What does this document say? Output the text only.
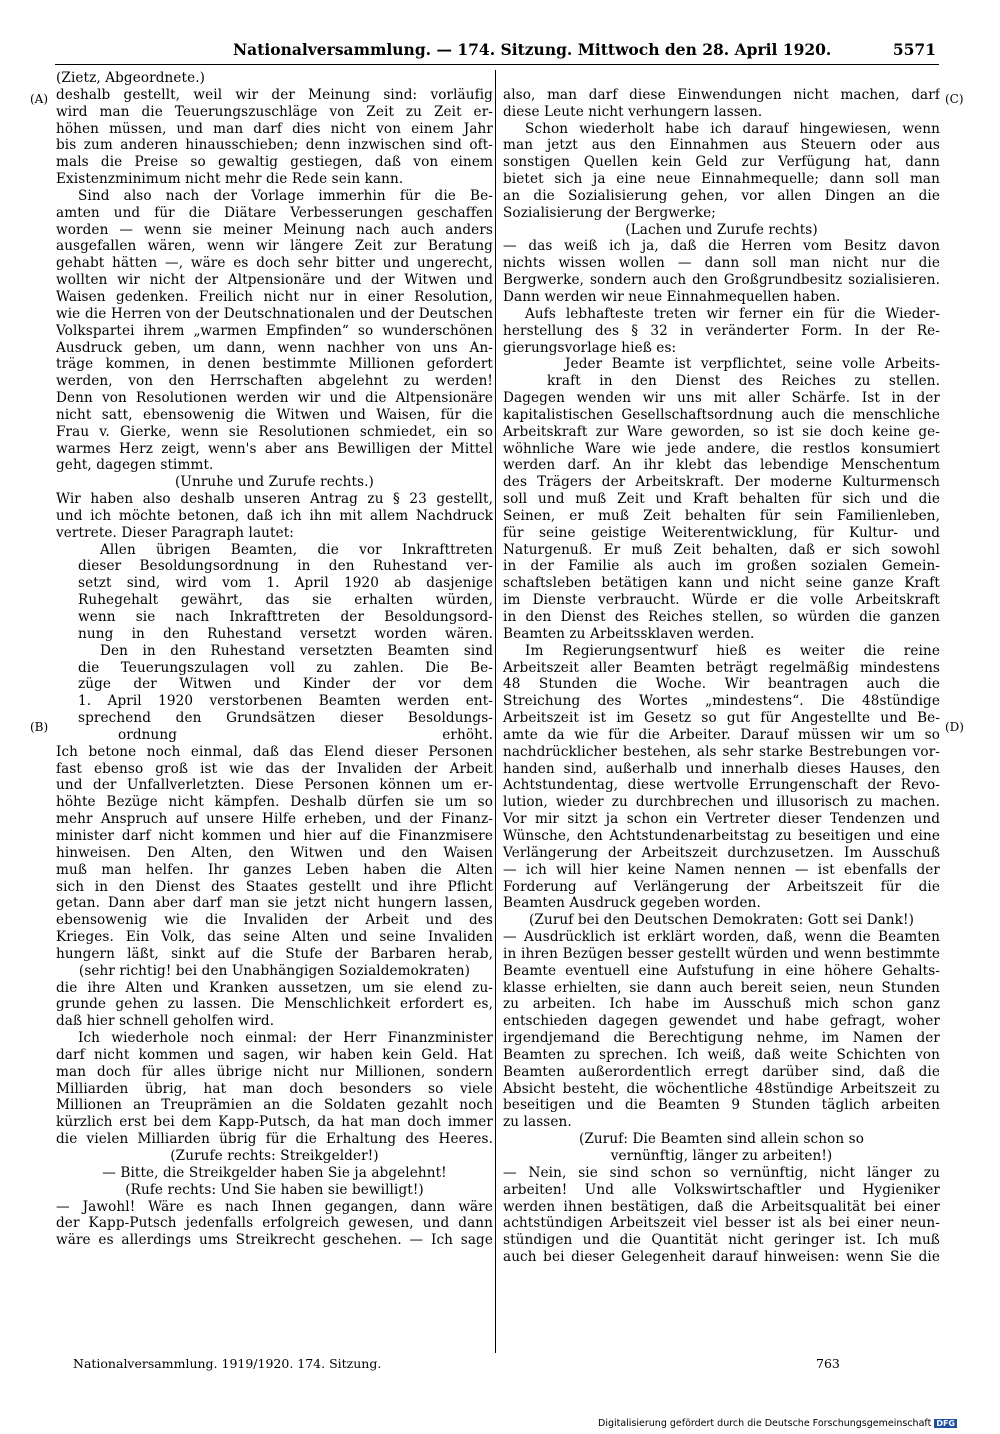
Nationalversammlung. — 174. Sitzung. Mittwoch den 28. April 1920.	5571
(A)
(B)
(C)
(D)
(Zietz, Abgeordnete.)
deshalb gestellt, weil wir der Meinung sind: vorläufig
wird man die Teuerungszuschläge von Zeit zu Zeit er-
höhen müssen, und man darf dies nicht von einem Jahr
bis zum anderen hinausschieben; denn inzwischen sind oft-
mals die Preise so gewaltig gestiegen, daß von einem
Existenzminimum nicht mehr die Rede sein kann.
Sind also nach der Vorlage immerhin für die Be-
amten und für die Diätare Verbesserungen geschaffen
worden — wenn sie meiner Meinung nach auch anders
ausgefallen wären, wenn wir längere Zeit zur Beratung
gehabt hätten —, wäre es doch sehr bitter und ungerecht,
wollten wir nicht der Altpensionäre und der Witwen und
Waisen gedenken. Freilich nicht nur in einer Resolution,
wie die Herren von der Deutschnationalen und der Deutschen
Volkspartei ihrem „warmen Empfinden“ so wunderschönen
Ausdruck geben, um dann, wenn nachher von uns An-
träge kommen, in denen bestimmte Millionen gefordert
werden, von den Herrschaften abgelehnt zu werden!
Denn von Resolutionen werden wir und die Altpensionäre
nicht satt, ebensowenig die Witwen und Waisen, für die
Frau v. Gierke, wenn sie Resolutionen schmiedet, ein so
warmes Herz zeigt, wenn's aber ans Bewilligen der Mittel
geht, dagegen stimmt.
(Unruhe und Zurufe rechts.)
Wir haben also deshalb unseren Antrag zu § 23 gestellt,
und ich möchte betonen, daß ich ihn mit allem Nachdruck
vertrete. Dieser Paragraph lautet:
Allen übrigen Beamten, die vor Inkrafttreten
dieser Besoldungsordnung in den Ruhestand ver-
setzt sind, wird vom 1. April 1920 ab dasjenige
Ruhegehalt gewährt, das sie erhalten würden,
wenn sie nach Inkrafttreten der Besoldungsord-
nung in den Ruhestand versetzt worden wären.
Den in den Ruhestand versetzten Beamten sind
die Teuerungszulagen voll zu zahlen. Die Be-
züge der Witwen und Kinder der vor dem
1. April 1920 verstorbenen Beamten werden ent-
sprechend den Grundsätzen dieser Besoldungs-
ordnung erhöht.
Ich betone noch einmal, daß das Elend dieser Personen
fast ebenso groß ist wie das der Invaliden der Arbeit
und der Unfallverletzten. Diese Personen können um er-
höhte Bezüge nicht kämpfen. Deshalb dürfen sie um so
mehr Anspruch auf unsere Hilfe erheben, und der Finanz-
minister darf nicht kommen und hier auf die Finanzmisere
hinweisen. Den Alten, den Witwen und den Waisen
muß man helfen. Ihr ganzes Leben haben die Alten
sich in den Dienst des Staates gestellt und ihre Pflicht
getan. Dann aber darf man sie jetzt nicht hungern lassen,
ebensowenig wie die Invaliden der Arbeit und des
Krieges. Ein Volk, das seine Alten und seine Invaliden
hungern läßt, sinkt auf die Stufe der Barbaren herab,
(sehr richtig! bei den Unabhängigen Sozialdemokraten)
die ihre Alten und Kranken aussetzen, um sie elend zu-
grunde gehen zu lassen. Die Menschlichkeit erfordert es,
daß hier schnell geholfen wird.
Ich wiederhole noch einmal: der Herr Finanzminister
darf nicht kommen und sagen, wir haben kein Geld. Hat
man doch für alles übrige nicht nur Millionen, sondern
Milliarden übrig, hat man doch besonders so viele
Millionen an Treuprämien an die Soldaten gezahlt noch
kürzlich erst bei dem Kapp-Putsch, da hat man doch immer
die vielen Milliarden übrig für die Erhaltung des Heeres.
(Zurufe rechts: Streikgelder!)
— Bitte, die Streikgelder haben Sie ja abgelehnt!
(Rufe rechts: Und Sie haben sie bewilligt!)
— Jawohl! Wäre es nach Ihnen gegangen, dann wäre
der Kapp-Putsch jedenfalls erfolgreich gewesen, und dann
wäre es allerdings ums Streikrecht geschehen. — Ich sage
also, man darf diese Einwendungen nicht machen, darf
diese Leute nicht verhungern lassen.
Schon wiederholt habe ich darauf hingewiesen, wenn
man jetzt aus den Einnahmen aus Steuern oder aus
sonstigen Quellen kein Geld zur Verfügung hat, dann
bietet sich ja eine neue Einnahmequelle; dann soll man
an die Sozialisierung gehen, vor allen Dingen an die
Sozialisierung der Bergwerke;
(Lachen und Zurufe rechts)
— das weiß ich ja, daß die Herren vom Besitz davon
nichts wissen wollen — dann soll man nicht nur die
Bergwerke, sondern auch den Großgrundbesitz sozialisieren.
Dann werden wir neue Einnahmequellen haben.
Aufs lebhafteste treten wir ferner ein für die Wieder-
herstellung des § 32 in veränderter Form. In der Re-
gierungsvorlage hieß es:
Jeder Beamte ist verpflichtet, seine volle Arbeits-
kraft in den Dienst des Reiches zu stellen.
Dagegen wenden wir uns mit aller Schärfe. Ist in der
kapitalistischen Gesellschaftsordnung auch die menschliche
Arbeitskraft zur Ware geworden, so ist sie doch keine ge-
wöhnliche Ware wie jede andere, die restlos konsumiert
werden darf. An ihr klebt das lebendige Menschentum
des Trägers der Arbeitskraft. Der moderne Kulturmensch
soll und muß Zeit und Kraft behalten für sich und die
Seinen, er muß Zeit behalten für sein Familienleben,
für seine geistige Weiterentwicklung, für Kultur- und
Naturgenuß. Er muß Zeit behalten, daß er sich sowohl
in der Familie als auch im großen sozialen Gemein-
schaftsleben betätigen kann und nicht seine ganze Kraft
im Dienste verbraucht. Würde er die volle Arbeitskraft
in den Dienst des Reiches stellen, so würden die ganzen
Beamten zu Arbeitssklaven werden.
Im Regierungsentwurf hieß es weiter die reine
Arbeitszeit aller Beamten beträgt regelmäßig mindestens
48 Stunden die Woche. Wir beantragen auch die
Streichung des Wortes „mindestens“. Die 48stündige
Arbeitszeit ist im Gesetz so gut für Angestellte und Be-
amte da wie für die Arbeiter. Darauf müssen wir um so
nachdrücklicher bestehen, als sehr starke Bestrebungen vor-
handen sind, außerhalb und innerhalb dieses Hauses, den
Achtstundentag, diese wertvolle Errungenschaft der Revo-
lution, wieder zu durchbrechen und illusorisch zu machen.
Vor mir sitzt ja schon ein Vertreter dieser Tendenzen und
Wünsche, den Achtstundenarbeitstag zu beseitigen und eine
Verlängerung der Arbeitszeit durchzusetzen. Im Ausschuß
— ich will hier keine Namen nennen — ist ebenfalls der
Forderung auf Verlängerung der Arbeitszeit für die
Beamten Ausdruck gegeben worden.
(Zuruf bei den Deutschen Demokraten: Gott sei Dank!)
— Ausdrücklich ist erklärt worden, daß, wenn die Beamten
in ihren Bezügen besser gestellt würden und wenn bestimmte
Beamte eventuell eine Aufstufung in eine höhere Gehalts-
klasse erhielten, sie dann auch bereit seien, neun Stunden
zu arbeiten. Ich habe im Ausschuß mich schon ganz
entschieden dagegen gewendet und habe gefragt, woher
irgendjemand die Berechtigung nehme, im Namen der
Beamten zu sprechen. Ich weiß, daß weite Schichten von
Beamten außerordentlich erregt darüber sind, daß die
Absicht besteht, die wöchentliche 48stündige Arbeitszeit zu
beseitigen und die Beamten 9 Stunden täglich arbeiten
zu lassen.
(Zuruf: Die Beamten sind allein schon so
vernünftig, länger zu arbeiten!)
— Nein, sie sind schon so vernünftig, nicht länger zu
arbeiten! Und alle Volkswirtschaftler und Hygieniker
werden ihnen bestätigen, daß die Arbeitsqualität bei einer
achtstündigen Arbeitszeit viel besser ist als bei einer neun-
stündigen und die Quantität nicht geringer ist. Ich muß
auch bei dieser Gelegenheit darauf hinweisen: wenn Sie die
Nationalversammlung. 1919/1920. 174. Sitzung.	763
Digitalisierung gefördert durch die Deutsche Forschungsgemeinschaft DFG
